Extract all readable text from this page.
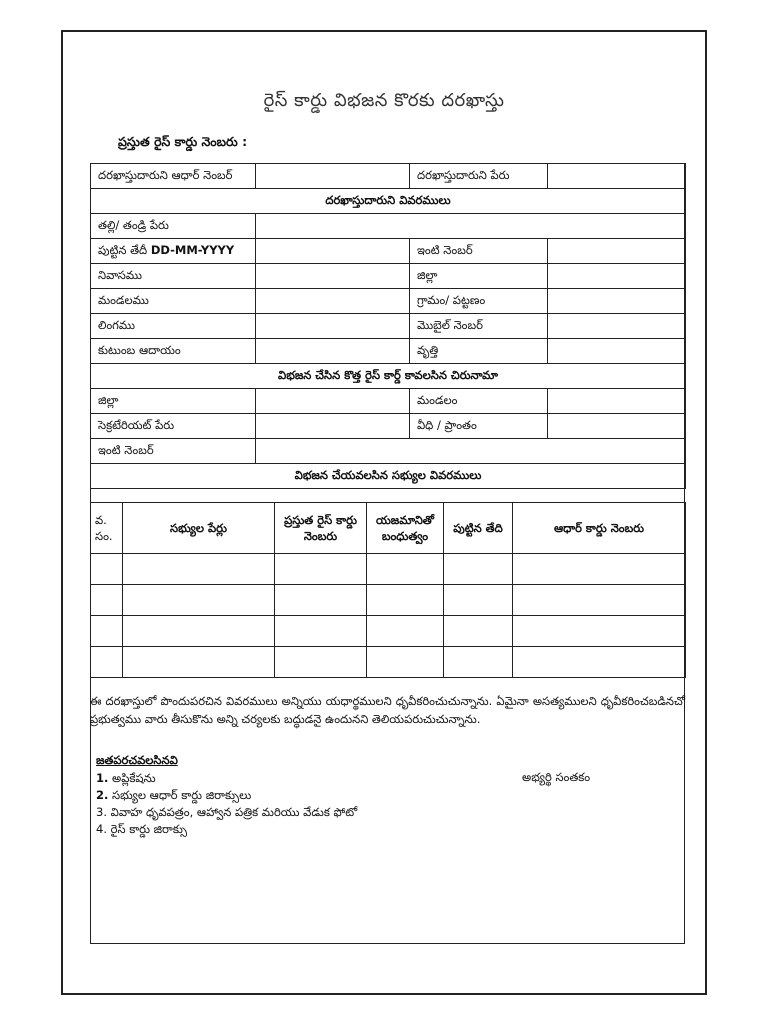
రైస్ కార్డు విభజన కొరకు దరఖాస్తు
ప్రస్తుత రైస్ కార్డు నెంబరు :
దరఖాస్తుదారుని ఆధార్ నెంబర్		దరఖాస్తుదారుని పేరు	
దరఖాస్తుదారుని వివరములు			
తల్లి/ తండ్రి పేరు			
పుట్టిన తేదీ DD-MM-YYYY		ఇంటి నెంబర్	
నివాసము		జిల్లా	
మండలము		గ్రామం/ పట్టణం	
లింగము		మొబైల్ నెంబర్	
కుటుంబ ఆదాయం		వృత్తి	
విభజన చేసిన కొత్త రైస్ కార్డ్ కావలసిన చిరునామా			
జిల్లా		మండలం	
సెక్రటేరియట్ పేరు		వీధి / ప్రాంతం	
ఇంటి నెంబర్			
విభజన చేయవలసిన సభ్యుల వివరములు			
వ. సం.	సభ్యుల పేర్లు	ప్రస్తుత రైస్ కార్డు నెంబరు	యజమానితో బంధుత్వం	పుట్టిన తేది	ఆధార్ కార్డు నెంబరు

ఈ దరఖాస్తులో పొందుపరచిన వివరములు అన్నియు యధార్థములని ధృవీకరించుచున్నాను. ఏమైనా అసత్యములని ధృవీకరించబడినచో ప్రభుత్వము వారు తీసుకొను అన్ని చర్యలకు బద్ధుడనై ఉందునని తెలియపరుచుచున్నాను.
జతపరచవలసినవి
1. అప్లికేషను
2. సభ్యుల ఆధార్ కార్డు జిరాక్సులు
3. వివాహ ధృవపత్రం, ఆహ్వాన పత్రిక మరియు వేడుక ఫోటో
4. రైస్ కార్డు జిరాక్సు
అభ్యర్థి సంతకం
